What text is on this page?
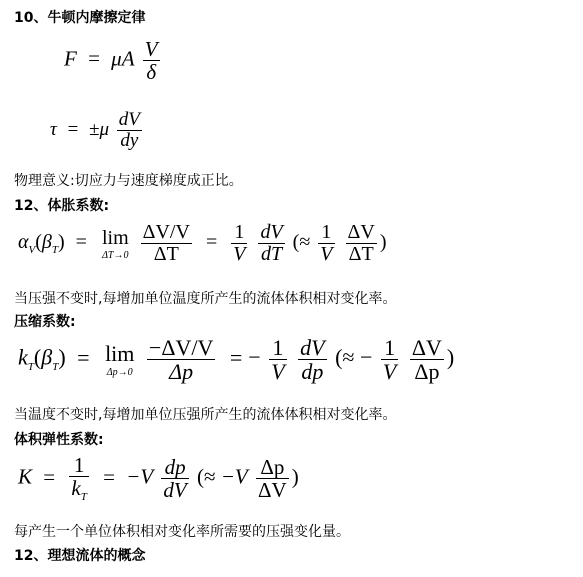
10、牛顿内摩擦定律
F = μA $\frac{V}{\delta}$
$\tau = \pm\mu \frac{dV}{dy}$
物理意义:切应力与速度梯度成正比。
12、体胀系数:
$\alpha_V(\beta_T) = \lim$
ΔT→0
$\frac{\Delta V/V}{\Delta T} = \frac{1}{V}$
$\frac{dV}{dT}$ (≈ $\frac{1}{V}$
$\frac{\Delta V}{\Delta T}$ )
当压强不变时,每增加单位温度所产生的流体体积相对变化率。
压缩系数:
$k_T(\beta_T) = \lim$
Δp→0
$\frac{-\Delta V/V}{\Delta p}$ = − $\frac{1}{V}$
$\frac{dV}{dp}$ (≈ − $\frac{1}{V}$
$\frac{\Delta V}{\Delta p}$ )
当温度不变时,每增加单位压强所产生的流体体积相对变化率。
体积弹性系数:
$K = \frac{1}{k_T} = -V \frac{dp}{dV}$ (≈ $-V \frac{\Delta p}{\Delta V}$ )
每产生一个单位体积相对变化率所需要的压强变化量。
12、理想流体的概念
